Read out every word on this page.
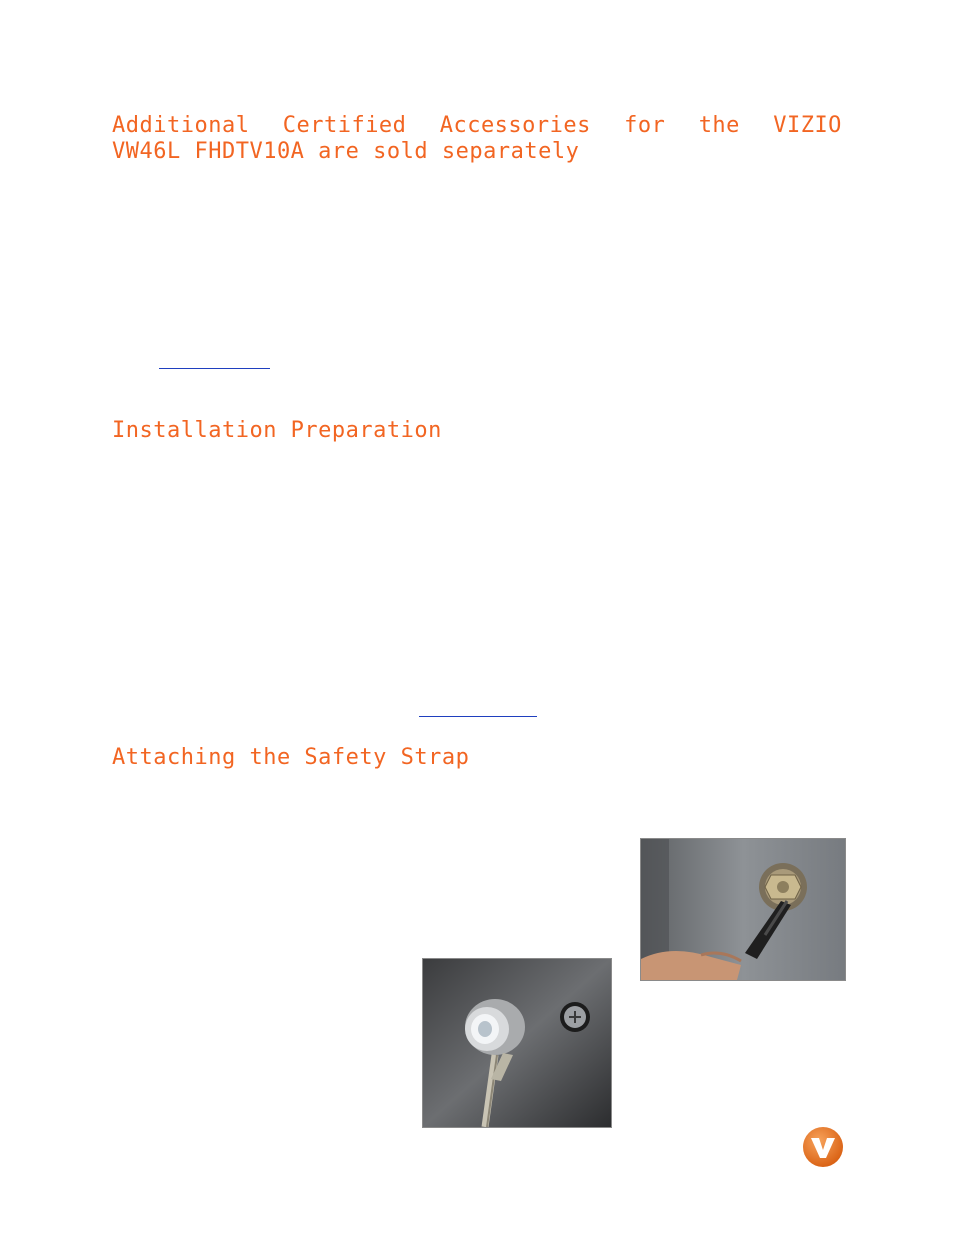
Additional Certified Accessories for the VIZIO
VW46L FHDTV10A are sold separately
Installation Preparation
Attaching the Safety Strap
